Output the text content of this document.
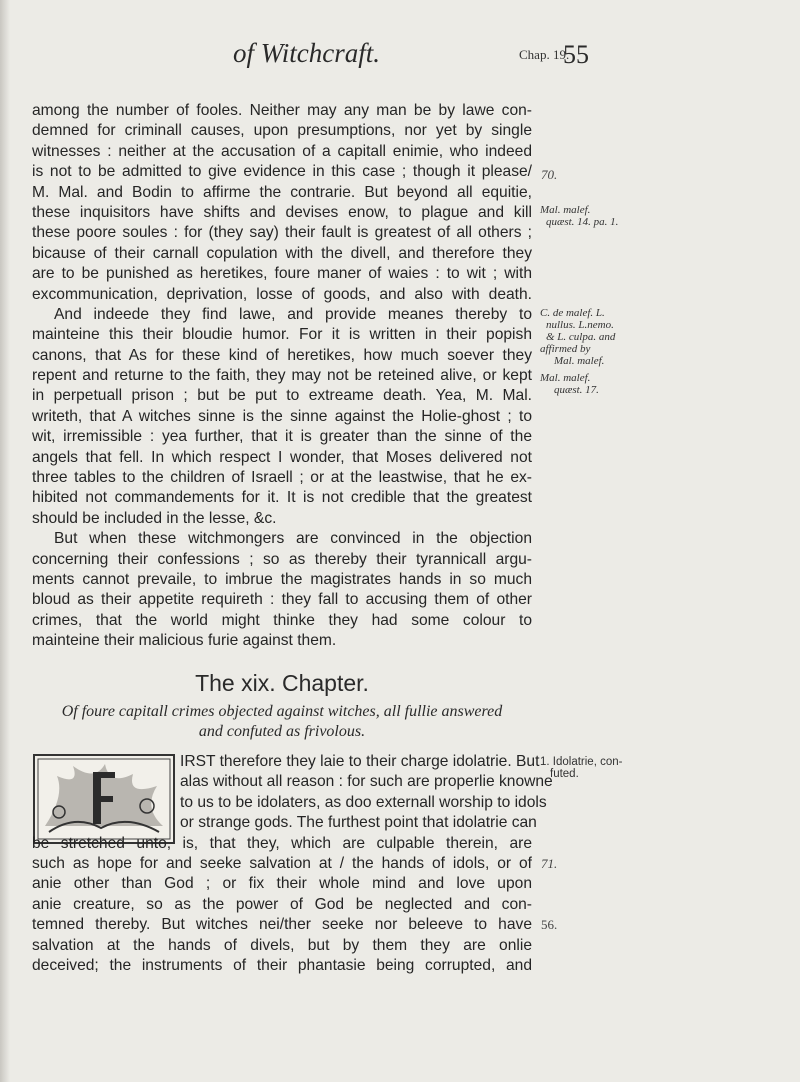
of Witchcraft.	Chap. 19.
55
among the number of fooles. Neither may any man be by lawe con-
demned for criminall causes, upon presumptions, nor yet by single
witnesses : neither at the accusation of a capitall enimie, who indeed
is not to be admitted to give evidence in this case ; though it please/
M. Mal. and Bodin to affirme the contrarie. But beyond all equitie,
these inquisitors have shifts and devises enow, to plague and kill
these poore soules : for (they say) their fault is greatest of all others ;
bicause of their carnall copulation with the divell, and therefore they
are to be punished as heretikes, foure maner of waies : to wit ; with
excommunication, deprivation, losse of goods, and also with death.
And indeede they find lawe, and provide meanes thereby to
mainteine this their bloudie humor. For it is written in their popish
canons, that As for these kind of heretikes, how much soever they
repent and returne to the faith, they may not be reteined alive, or kept
in perpetuall prison ; but be put to extreame death. Yea, M. Mal.
writeth, that A witches sinne is the sinne against the Holie-ghost ; to
wit, irremissible : yea further, that it is greater than the sinne of the
angels that fell. In which respect I wonder, that Moses delivered not
three tables to the children of Israell ; or at the leastwise, that he ex-
hibited not commandements for it. It is not credible that the greatest
should be included in the lesse, &c.
But when these witchmongers are convinced in the objection
concerning their confessions ; so as thereby their tyrannicall argu-
ments cannot prevaile, to imbrue the magistrates hands in so much
bloud as their appetite requireth : they fall to accusing them of other
crimes, that the world might thinke they had some colour to
mainteine their malicious furie against them.
The xix. Chapter.
Of foure capitall crimes objected against witches, all fullie answered
and confuted as frivolous.
IRST therefore they laie to their charge idolatrie. But
alas without all reason : for such are properlie knowne
to us to be idolaters, as doo externall worship to idols
or strange gods. The furthest point that idolatrie can
be stretched unto, is, that they, which are culpable therein, are
such as hope for and seeke salvation at / the hands of idols, or of
anie other than God ; or fix their whole mind and love upon
anie creature, so as the power of God be neglected and con-
temned thereby. But witches nei/ther seeke nor beleeve to have
salvation at the hands of divels, but by them they are onlie
deceived; the instruments of their phantasie being corrupted, and
70.
Mal. malef.
quæst. 14. pa. 1.
C. de malef. L.
nullus. L.nemo.
& L. culpa. and
affirmed by
Mal. malef.
Mal. malef.
quæst. 17.
1. Idolatrie, con-
futed.
71.
56.
